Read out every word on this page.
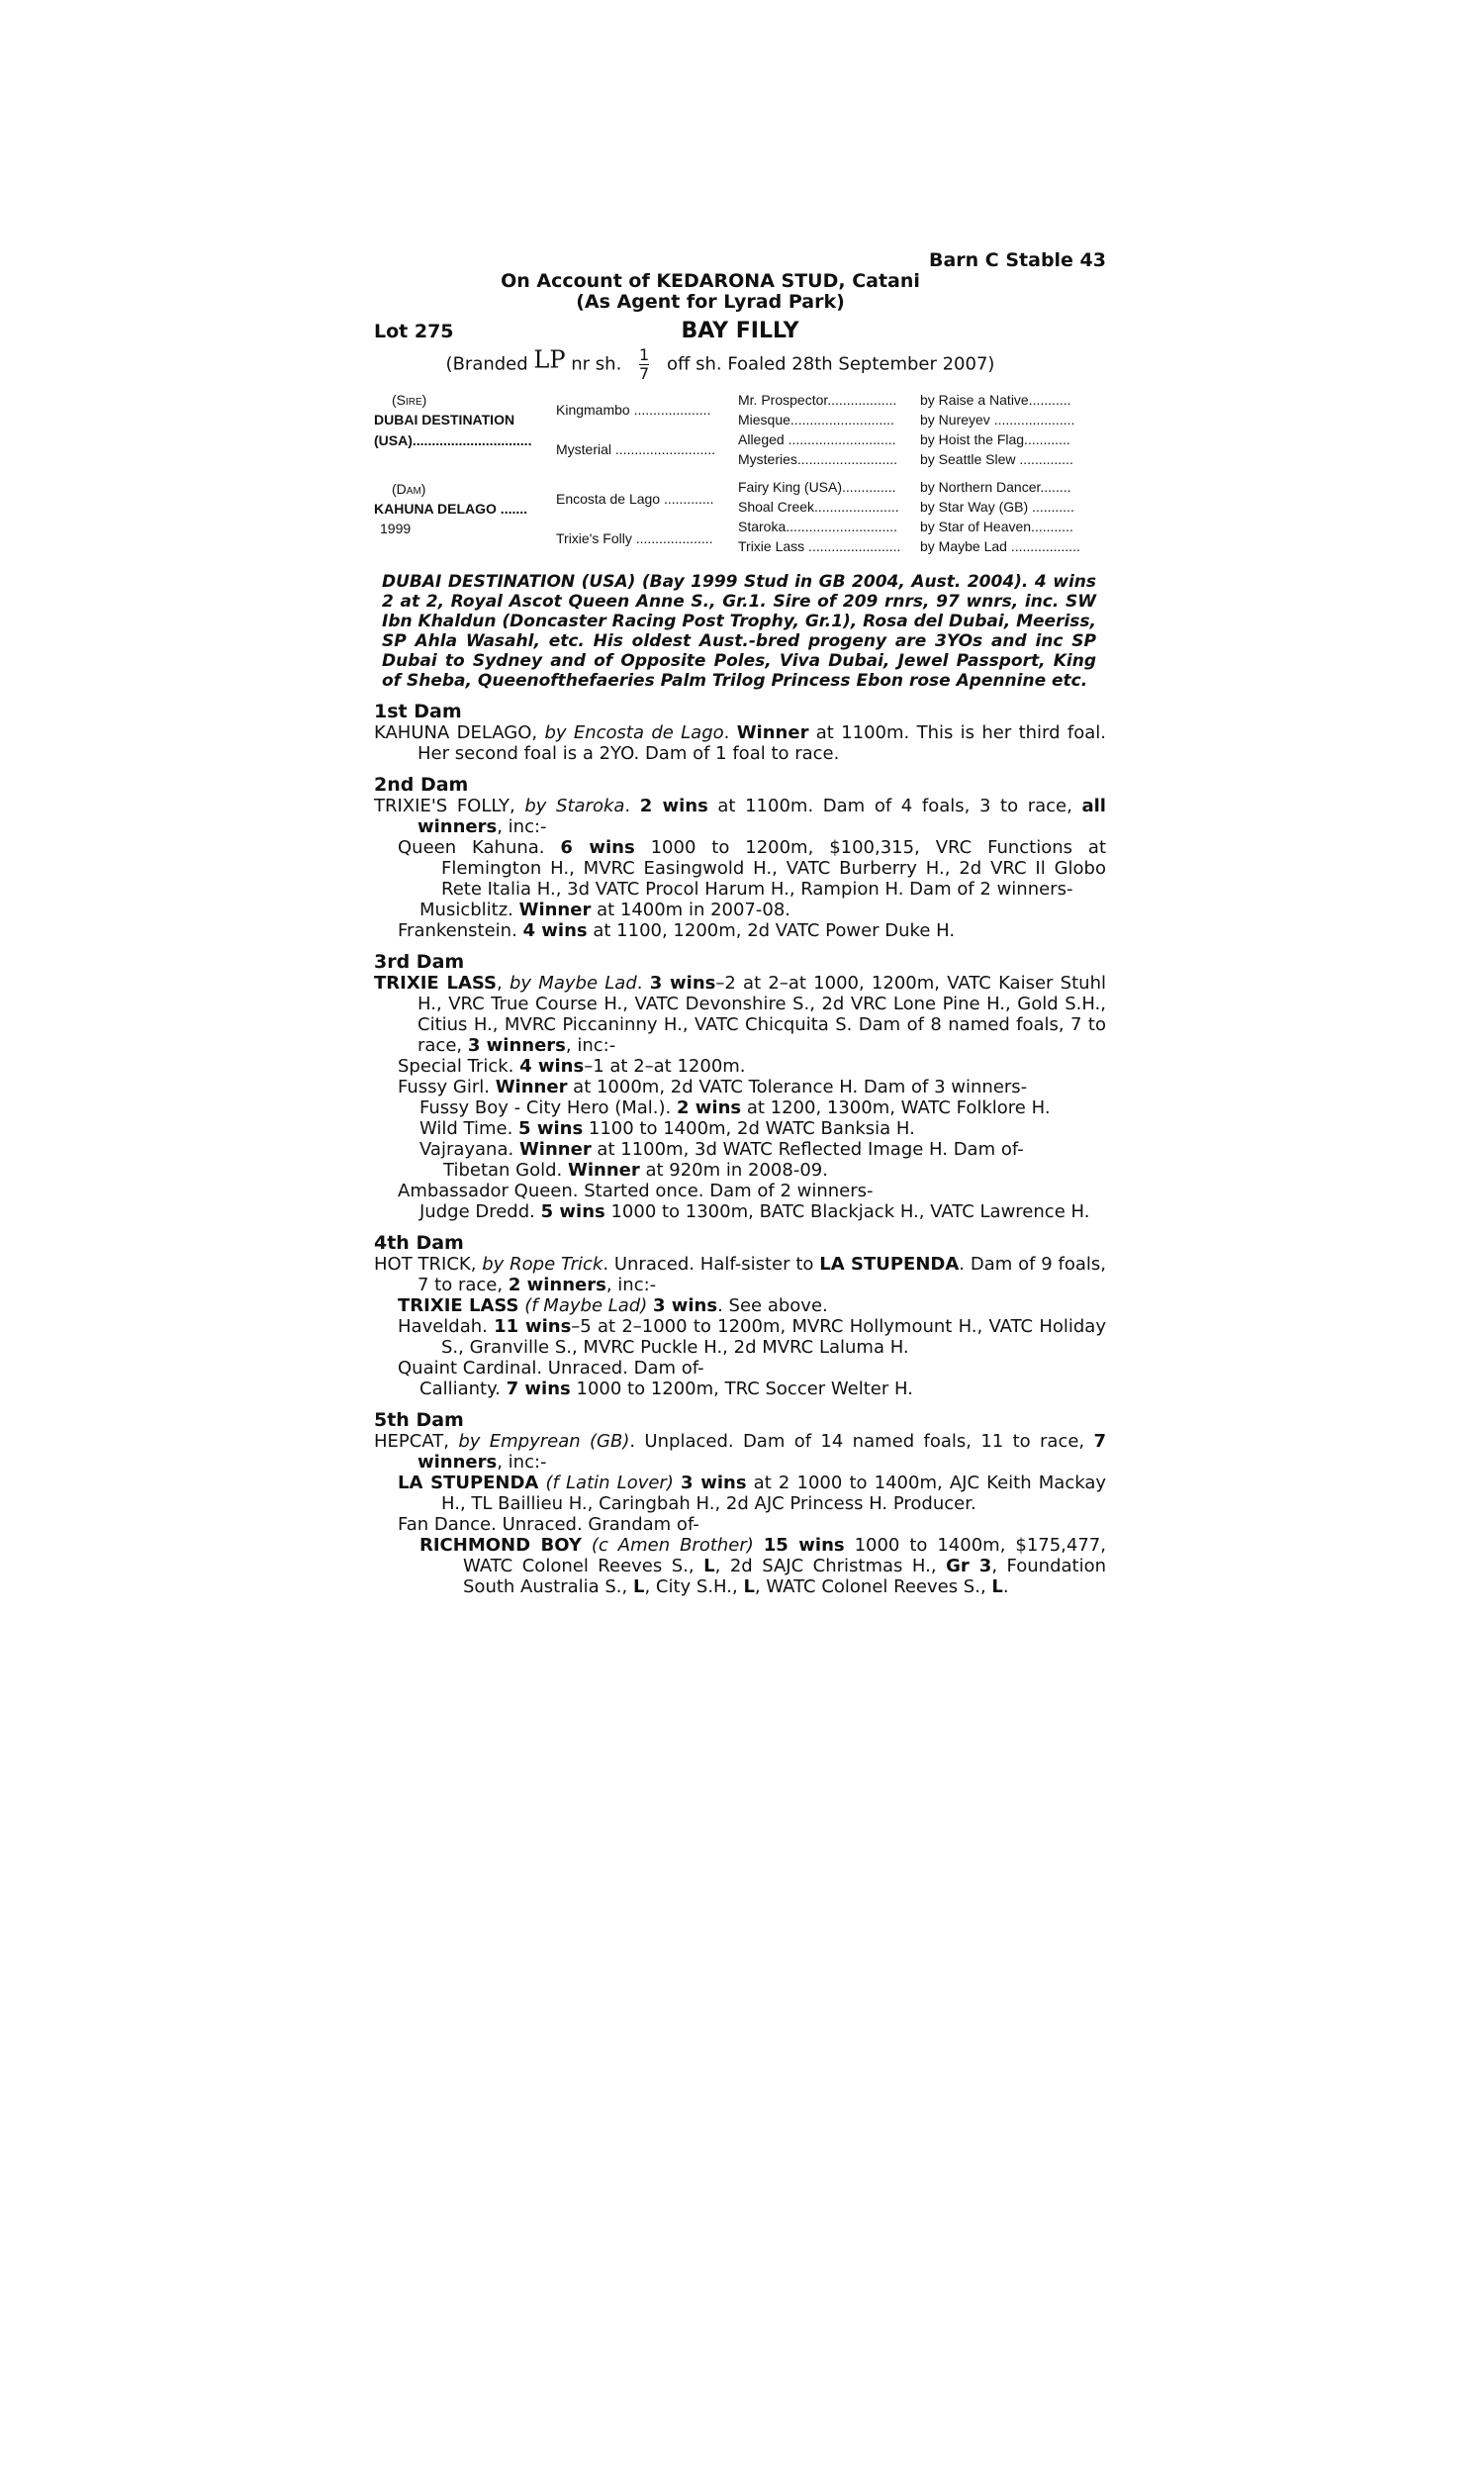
Barn C Stable 43
On Account of KEDARONA STUD, Catani
(As Agent for Lyrad Park)
Lot 275	BAY FILLY
(Branded LP nr sh. $\frac{1}{7}$ off sh. Foaled 28th September 2007)
(Sire)
DUBAI DESTINATION
(USA)...............................
(Dam)
KAHUNA DELAGO .......
1999
Kingmambo ....................
Mysterial ..........................
Encosta de Lago .............
Trixie's Folly ....................
Mr. Prospector..................
Miesque...........................
Alleged ............................
Mysteries..........................
Fairy King (USA)..............
Shoal Creek......................
Staroka.............................
Trixie Lass ........................
by Raise a Native...........
by Nureyev .....................
by Hoist the Flag............
by Seattle Slew ..............
by Northern Dancer........
by Star Way (GB) ...........
by Star of Heaven...........
by Maybe Lad ..................
DUBAI DESTINATION (USA) (Bay 1999 Stud in GB 2004, Aust. 2004). 4 wins 2 at 2, Royal Ascot Queen Anne S., Gr.1. Sire of 209 rnrs, 97 wnrs, inc. SW Ibn Khaldun (Doncaster Racing Post Trophy, Gr.1), Rosa del Dubai, Meeriss, SP Ahla Wasahl, etc. His oldest Aust.-bred progeny are 3YOs and inc SP Dubai to Sydney and of Opposite Poles, Viva Dubai, Jewel Passport, King of Sheba, Queenofthefaeries Palm Trilog Princess Ebon rose Apennine etc.
1st Dam
KAHUNA DELAGO, by Encosta de Lago. Winner at 1100m. This is her third foal. Her second foal is a 2YO. Dam of 1 foal to race.
2nd Dam
TRIXIE'S FOLLY, by Staroka. 2 wins at 1100m. Dam of 4 foals, 3 to race, all winners, inc:-
Queen Kahuna. 6 wins 1000 to 1200m, $100,315, VRC Functions at Flemington H., MVRC Easingwold H., VATC Burberry H., 2d VRC Il Globo Rete Italia H., 3d VATC Procol Harum H., Rampion H. Dam of 2 winners-
Musicblitz. Winner at 1400m in 2007-08.
Frankenstein. 4 wins at 1100, 1200m, 2d VATC Power Duke H.
3rd Dam
TRIXIE LASS, by Maybe Lad. 3 wins–2 at 2–at 1000, 1200m, VATC Kaiser Stuhl H., VRC True Course H., VATC Devonshire S., 2d VRC Lone Pine H., Gold S.H., Citius H., MVRC Piccaninny H., VATC Chicquita S. Dam of 8 named foals, 7 to race, 3 winners, inc:-
Special Trick. 4 wins–1 at 2–at 1200m.
Fussy Girl. Winner at 1000m, 2d VATC Tolerance H. Dam of 3 winners-
Fussy Boy - City Hero (Mal.). 2 wins at 1200, 1300m, WATC Folklore H.
Wild Time. 5 wins 1100 to 1400m, 2d WATC Banksia H.
Vajrayana. Winner at 1100m, 3d WATC Reflected Image H. Dam of-
Tibetan Gold. Winner at 920m in 2008-09.
Ambassador Queen. Started once. Dam of 2 winners-
Judge Dredd. 5 wins 1000 to 1300m, BATC Blackjack H., VATC Lawrence H.
4th Dam
HOT TRICK, by Rope Trick. Unraced. Half-sister to LA STUPENDA. Dam of 9 foals, 7 to race, 2 winners, inc:-
TRIXIE LASS (f Maybe Lad) 3 wins. See above.
Haveldah. 11 wins–5 at 2–1000 to 1200m, MVRC Hollymount H., VATC Holiday S., Granville S., MVRC Puckle H., 2d MVRC Laluma H.
Quaint Cardinal. Unraced. Dam of-
Callianty. 7 wins 1000 to 1200m, TRC Soccer Welter H.
5th Dam
HEPCAT, by Empyrean (GB). Unplaced. Dam of 14 named foals, 11 to race, 7 winners, inc:-
LA STUPENDA (f Latin Lover) 3 wins at 2 1000 to 1400m, AJC Keith Mackay H., TL Baillieu H., Caringbah H., 2d AJC Princess H. Producer.
Fan Dance. Unraced. Grandam of-
RICHMOND BOY (c Amen Brother) 15 wins 1000 to 1400m, $175,477, WATC Colonel Reeves S., L, 2d SAJC Christmas H., Gr 3, Foundation South Australia S., L, City S.H., L, WATC Colonel Reeves S., L.
